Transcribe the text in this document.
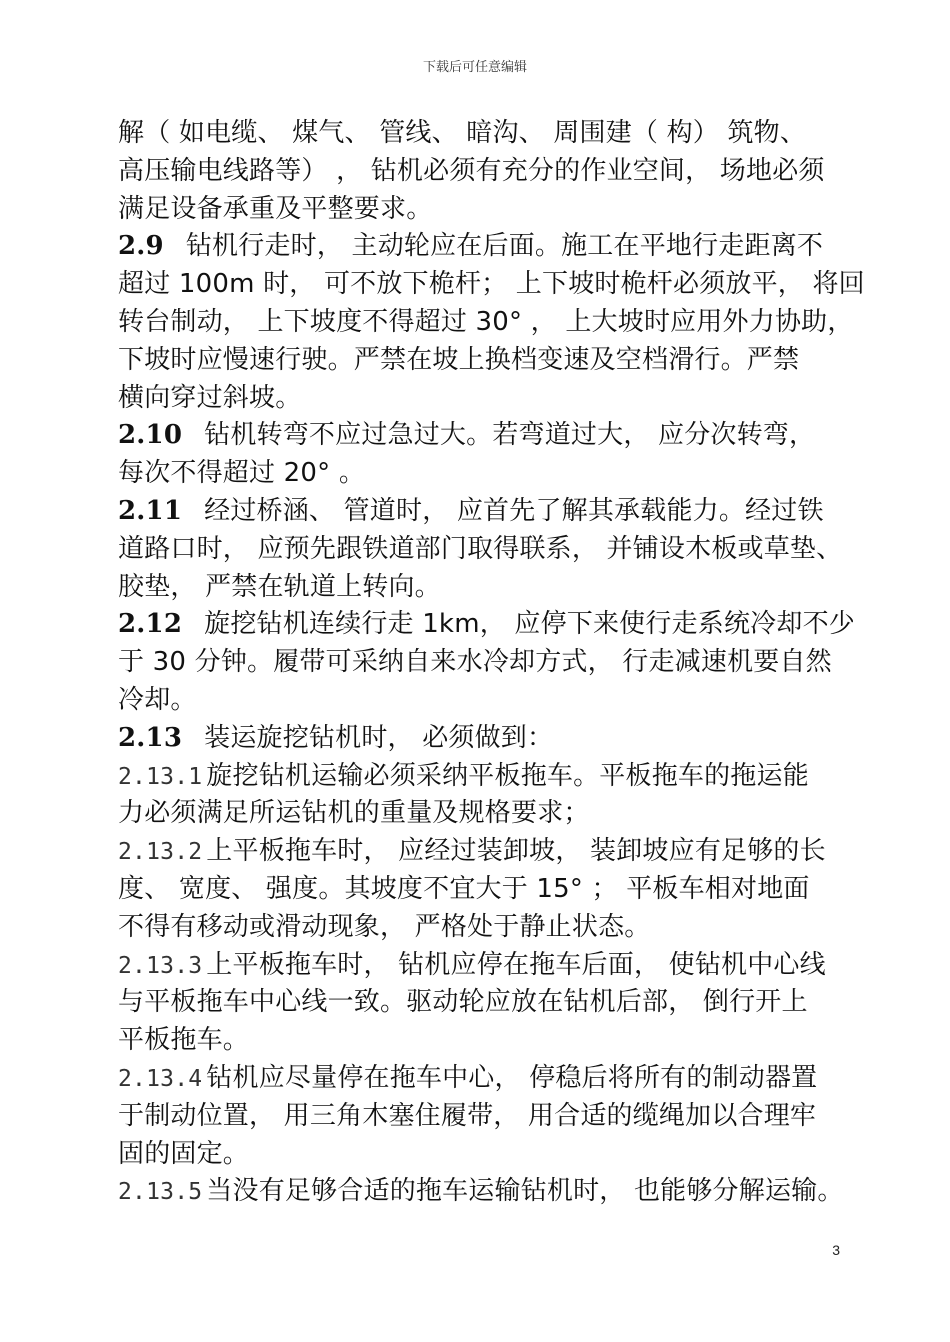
下载后可任意编辑
解（ 如电缆、 煤气、 管线、 暗沟、 周围建（ 构） 筑物、
高压输电线路等） ， 钻机必须有充分的作业空间， 场地必须
满足设备承重及平整要求。
2.9 钻机行走时， 主动轮应在后面。施工在平地行走距离不
超过 100m 时， 可不放下桅杆； 上下坡时桅杆必须放平， 将回
转台制动， 上下坡度不得超过 30° ， 上大坡时应用外力协助，
下坡时应慢速行驶。严禁在坡上换档变速及空档滑行。严禁
横向穿过斜坡。
2.10 钻机转弯不应过急过大。若弯道过大， 应分次转弯，
每次不得超过 20° 。
2.11 经过桥涵、 管道时， 应首先了解其承载能力。经过铁
道路口时， 应预先跟铁道部门取得联系， 并铺设木板或草垫、
胶垫， 严禁在轨道上转向。
2.12 旋挖钻机连续行走 1km， 应停下来使行走系统冷却不少
于 30 分钟。履带可采纳自来水冷却方式， 行走减速机要自然
冷却。
2.13 装运旋挖钻机时， 必须做到：
2.13.1 旋挖钻机运输必须采纳平板拖车。平板拖车的拖运能
力必须满足所运钻机的重量及规格要求；
2.13.2 上平板拖车时， 应经过装卸坡， 装卸坡应有足够的长
度、 宽度、 强度。其坡度不宜大于 15° ； 平板车相对地面
不得有移动或滑动现象， 严格处于静止状态。
2.13.3 上平板拖车时， 钻机应停在拖车后面， 使钻机中心线
与平板拖车中心线一致。驱动轮应放在钻机后部， 倒行开上
平板拖车。
2.13.4 钻机应尽量停在拖车中心， 停稳后将所有的制动器置
于制动位置， 用三角木塞住履带， 用合适的缆绳加以合理牢
固的固定。
2.13.5 当没有足够合适的拖车运输钻机时， 也能够分解运输。
3
